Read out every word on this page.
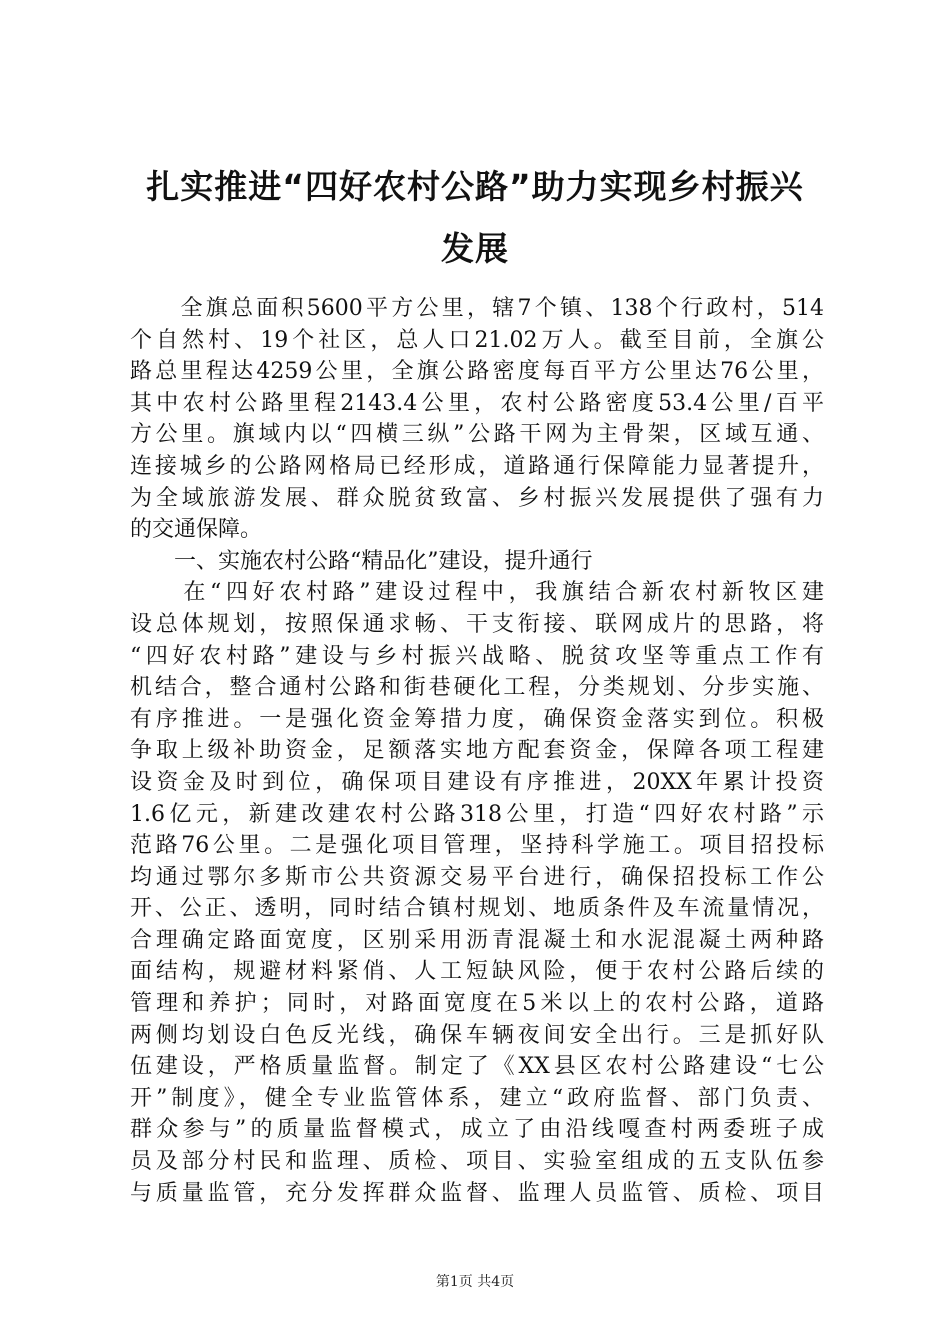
扎实推进“四好农村公路”助力实现乡村振兴
发展
　　全旗总面积5600平方公里，辖7个镇、138个行政村，514
个自然村、19个社区，总人口21.02万人。截至目前，全旗公
路总里程达4259公里，全旗公路密度每百平方公里达76公里，
其中农村公路里程2143.4公里，农村公路密度53.4公里/百平
方公里。旗域内以“四横三纵”公路干网为主骨架，区域互通、
连接城乡的公路网格局已经形成，道路通行保障能力显著提升，
为全域旅游发展、群众脱贫致富、乡村振兴发展提供了强有力
的交通保障。
　　一、实施农村公路“精品化”建设，提升通行
　　在“四好农村路”建设过程中，我旗结合新农村新牧区建
设总体规划，按照保通求畅、干支衔接、联网成片的思路，将
“四好农村路”建设与乡村振兴战略、脱贫攻坚等重点工作有
机结合，整合通村公路和街巷硬化工程，分类规划、分步实施、
有序推进。一是强化资金筹措力度，确保资金落实到位。积极
争取上级补助资金，足额落实地方配套资金，保障各项工程建
设资金及时到位，确保项目建设有序推进，20XX年累计投资
1.6亿元，新建改建农村公路318公里，打造“四好农村路”示
范路76公里。二是强化项目管理，坚持科学施工。项目招投标
均通过鄂尔多斯市公共资源交易平台进行，确保招投标工作公
开、公正、透明，同时结合镇村规划、地质条件及车流量情况，
合理确定路面宽度，区别采用沥青混凝土和水泥混凝土两种路
面结构，规避材料紧俏、人工短缺风险，便于农村公路后续的
管理和养护；同时，对路面宽度在5米以上的农村公路，道路
两侧均划设白色反光线，确保车辆夜间安全出行。三是抓好队
伍建设，严格质量监督。制定了《XX县区农村公路建设“七公
开”制度》，健全专业监管体系，建立“政府监督、部门负责、
群众参与”的质量监督模式，成立了由沿线嘎查村两委班子成
员及部分村民和监理、质检、项目、实验室组成的五支队伍参
与质量监管，充分发挥群众监督、监理人员监管、质检、项目
第1页 共4页
